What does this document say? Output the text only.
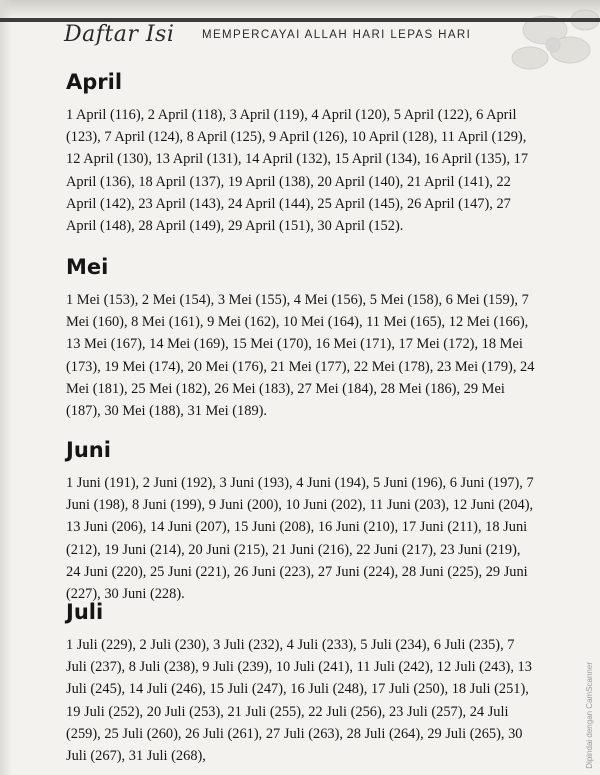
Daftar Isi MEMPERCAYAI ALLAH HARI LEPAS HARI
April

1 April (116), 2 April (118), 3 April (119), 4 April (120), 5 April (122), 6 April (123), 7 April (124), 8 April (125), 9 April (126), 10 April (128), 11 April (129), 12 April (130), 13 April (131), 14 April (132), 15 April (134), 16 April (135), 17 April (136), 18 April (137), 19 April (138), 20 April (140), 21 April (141), 22 April (142), 23 April (143), 24 April (144), 25 April (145), 26 April (147), 27 April (148), 28 April (149), 29 April (151), 30 April (152).

Mei

1 Mei (153), 2 Mei (154), 3 Mei (155), 4 Mei (156), 5 Mei (158), 6 Mei (159), 7 Mei (160), 8 Mei (161), 9 Mei (162), 10 Mei (164), 11 Mei (165), 12 Mei (166), 13 Mei (167), 14 Mei (169), 15 Mei (170), 16 Mei (171), 17 Mei (172), 18 Mei (173), 19 Mei (174), 20 Mei (176), 21 Mei (177), 22 Mei (178), 23 Mei (179), 24 Mei (181), 25 Mei (182), 26 Mei (183), 27 Mei (184), 28 Mei (186), 29 Mei (187), 30 Mei (188), 31 Mei (189).

Juni

1 Juni (191), 2 Juni (192), 3 Juni (193), 4 Juni (194), 5 Juni (196), 6 Juni (197), 7 Juni (198), 8 Juni (199), 9 Juni (200), 10 Juni (202), 11 Juni (203), 12 Juni (204), 13 Juni (206), 14 Juni (207), 15 Juni (208), 16 Juni (210), 17 Juni (211), 18 Juni (212), 19 Juni (214), 20 Juni (215), 21 Juni (216), 22 Juni (217), 23 Juni (219), 24 Juni (220), 25 Juni (221), 26 Juni (223), 27 Juni (224), 28 Juni (225), 29 Juni (227), 30 Juni (228).

Juli

1 Juli (229), 2 Juli (230), 3 Juli (232), 4 Juli (233), 5 Juli (234), 6 Juli (235), 7 Juli (237), 8 Juli (238), 9 Juli (239), 10 Juli (241), 11 Juli (242), 12 Juli (243), 13 Juli (245), 14 Juli (246), 15 Juli (247), 16 Juli (248), 17 Juli (250), 18 Juli (251), 19 Juli (252), 20 Juli (253), 21 Juli (255), 22 Juli (256), 23 Juli (257), 24 Juli (259), 25 Juli (260), 26 Juli (261), 27 Juli (263), 28 Juli (264), 29 Juli (265), 30 Juli (267), 31 Juli (268),	Dipindai dengan CamScanner
